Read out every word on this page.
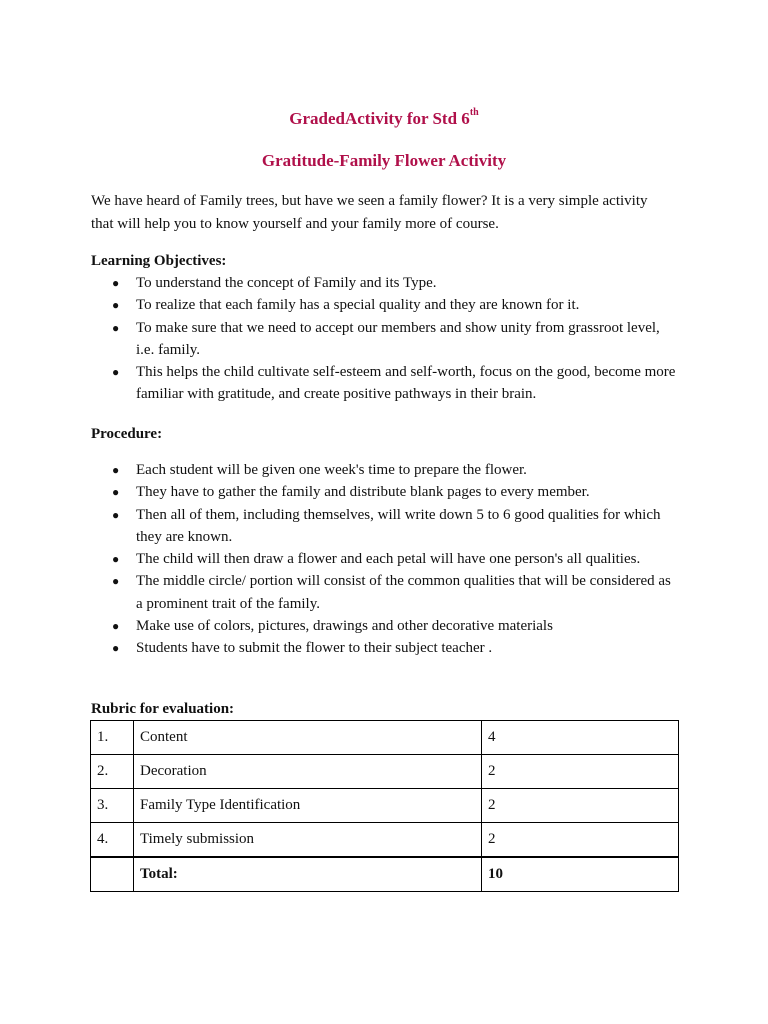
GradedActivity for Std 6th
Gratitude-Family Flower Activity

We have heard of Family trees, but have we seen a family flower? It is a very simple activity that will help you to know yourself and your family more of course.

Learning Objectives:

● To understand the concept of Family and its Type.
● To realize that each family has a special quality and they are known for it.
● To make sure that we need to accept our members and show unity from grassroot level, i.e. family.
● This helps the child cultivate self-esteem and self-worth, focus on the good, become more familiar with gratitude, and create positive pathways in their brain.

Procedure:

● Each student will be given one week's time to prepare the flower.
● They have to gather the family and distribute blank pages to every member.
● Then all of them, including themselves, will write down 5 to 6 good qualities for which they are known.
● The child will then draw a flower and each petal will have one person's all qualities.
● The middle circle/ portion will consist of the common qualities that will be considered as a prominent trait of the family.
● Make use of colors, pictures, drawings and other decorative materials
● Students have to submit the flower to their subject teacher .

Rubric for evaluation:

1.	Content	4
2.	Decoration	2
3.	Family Type Identification	2
4.	Timely submission	2
	Total:	10
